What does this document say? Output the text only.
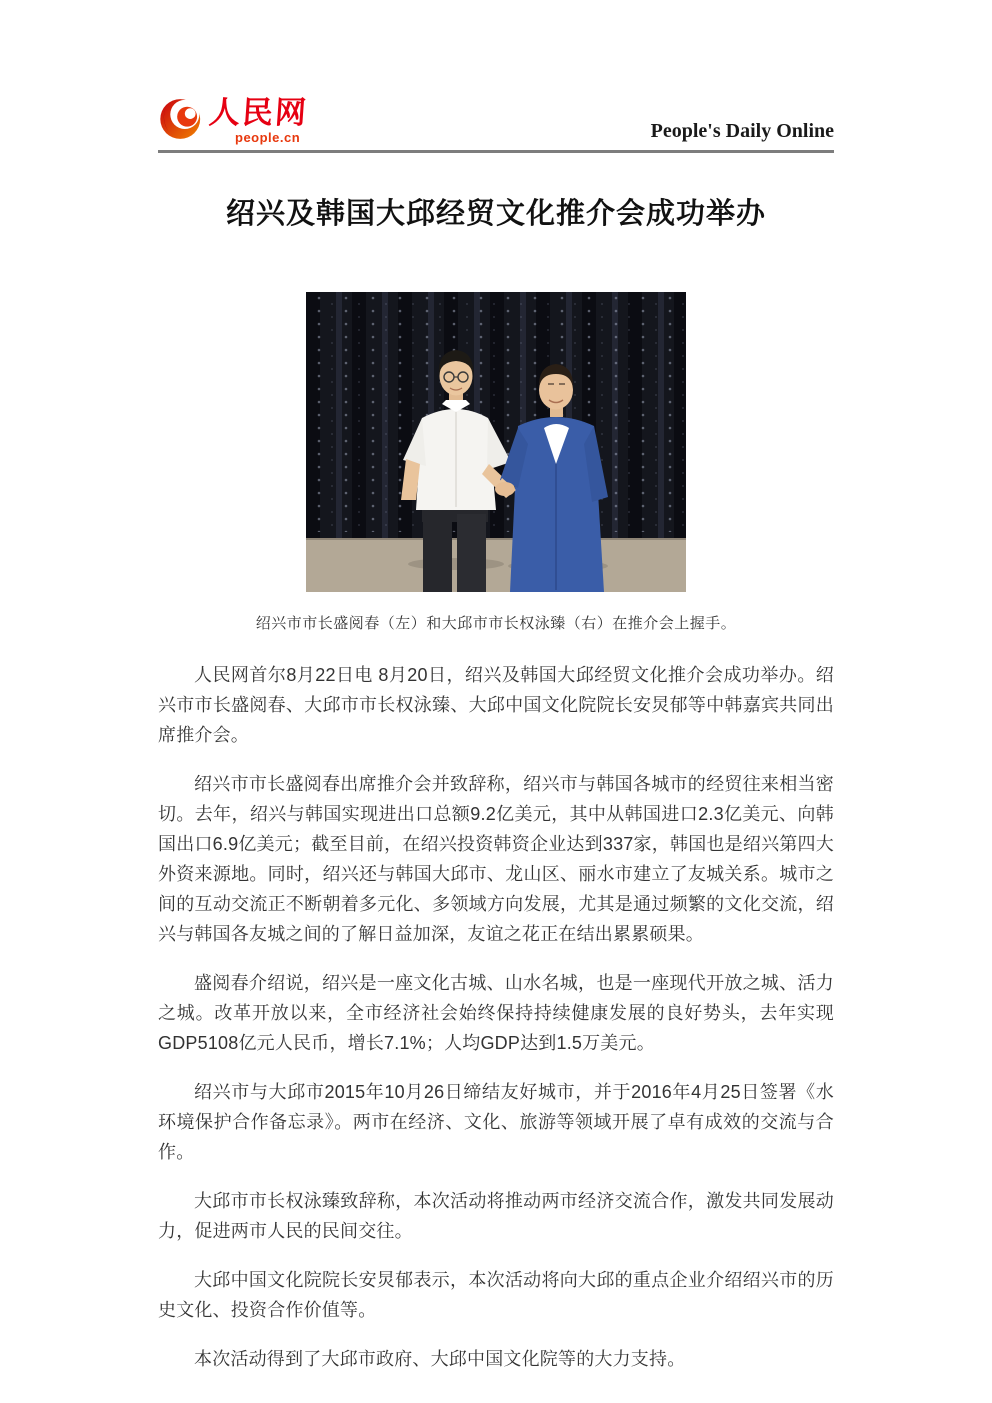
人民网
people.cn	People's Daily Online
绍兴及韩国大邱经贸文化推介会成功举办
绍兴市市长盛阅春（左）和大邱市市长权泳臻（右）在推介会上握手。

人民网首尔8月22日电 8月20日，绍兴及韩国大邱经贸文化推介会成功举办。绍兴市市长盛阅春、大邱市市长权泳臻、大邱中国文化院院长安炅郁等中韩嘉宾共同出席推介会。

绍兴市市长盛阅春出席推介会并致辞称，绍兴市与韩国各城市的经贸往来相当密切。去年，绍兴与韩国实现进出口总额9.2亿美元，其中从韩国进口2.3亿美元、向韩国出口6.9亿美元；截至目前，在绍兴投资韩资企业达到337家，韩国也是绍兴第四大外资来源地。同时，绍兴还与韩国大邱市、龙山区、丽水市建立了友城关系。城市之间的互动交流正不断朝着多元化、多领域方向发展，尤其是通过频繁的文化交流，绍兴与韩国各友城之间的了解日益加深，友谊之花正在结出累累硕果。

盛阅春介绍说，绍兴是一座文化古城、山水名城，也是一座现代开放之城、活力之城。改革开放以来，全市经济社会始终保持持续健康发展的良好势头，去年实现GDP5108亿元人民币，增长7.1%；人均GDP达到1.5万美元。

绍兴市与大邱市2015年10月26日缔结友好城市，并于2016年4月25日签署《水环境保护合作备忘录》。两市在经济、文化、旅游等领域开展了卓有成效的交流与合作。

大邱市市长权泳臻致辞称，本次活动将推动两市经济交流合作，激发共同发展动力，促进两市人民的民间交往。

大邱中国文化院院长安炅郁表示，本次活动将向大邱的重点企业介绍绍兴市的历史文化、投资合作价值等。

本次活动得到了大邱市政府、大邱中国文化院等的大力支持。
